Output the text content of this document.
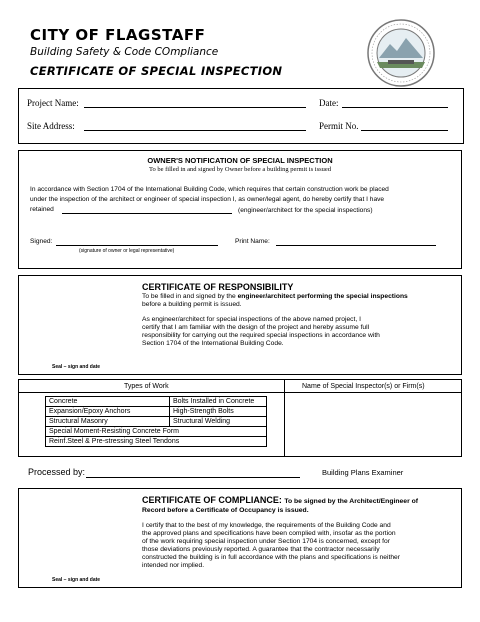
CITY OF FLAGSTAFF
Building Safety & Code COmpliance
CERTIFICATE OF SPECIAL INSPECTION
Project Name:	Date:
Site Address:	Permit No.
OWNER'S NOTIFICATION OF SPECIAL INSPECTION
To be filled in and signed by Owner before a building permit is issued
In accordance with Section 1704 of the International Building Code, which requires that certain construction work be placed
under the inspection of the architect or engineer of special inspection I, as owner/legal agent, do hereby certify that I have
retained	(engineer/architect for the special inspections)
Signed:
(signature of owner or legal representative)
Print Name:
CERTIFICATE OF RESPONSIBILITY
To be filled in and signed by the engineer/architect performing the special inspections
before a building permit is issued.
As engineer/architect for special inspections of the above named project, I
certify that I am familiar with the design of the project and hereby assume full
responsibility for carrying out the required special inspections in accordance with
Section 1704 of the International Building Code.
Seal – sign and date
Types of Work	Name of Special Inspector(s) or Firm(s)
Concrete	Bolts Installed in Concrete
Expansion/Epoxy Anchors	High-Strength Bolts
Structural Masonry	Structural Welding
Special Moment-Resisting Concrete Form	
Reinf.Steel & Pre-stressing Steel Tendons	
Processed by:	Building Plans Examiner
CERTIFICATE OF COMPLIANCE: To be signed by the Architect/Engineer of
Record before a Certificate of Occupancy is issued.
I certify that to the best of my knowledge, the requirements of the Building Code and
the approved plans and specifications have been complied with, insofar as the portion
of the work requiring special inspection under Section 1704 is concerned, except for
those deviations previously reported. A guarantee that the contractor necessarily
constructed the building is in full accordance with the plans and specifications is neither
intended nor implied.
Seal – sign and date
